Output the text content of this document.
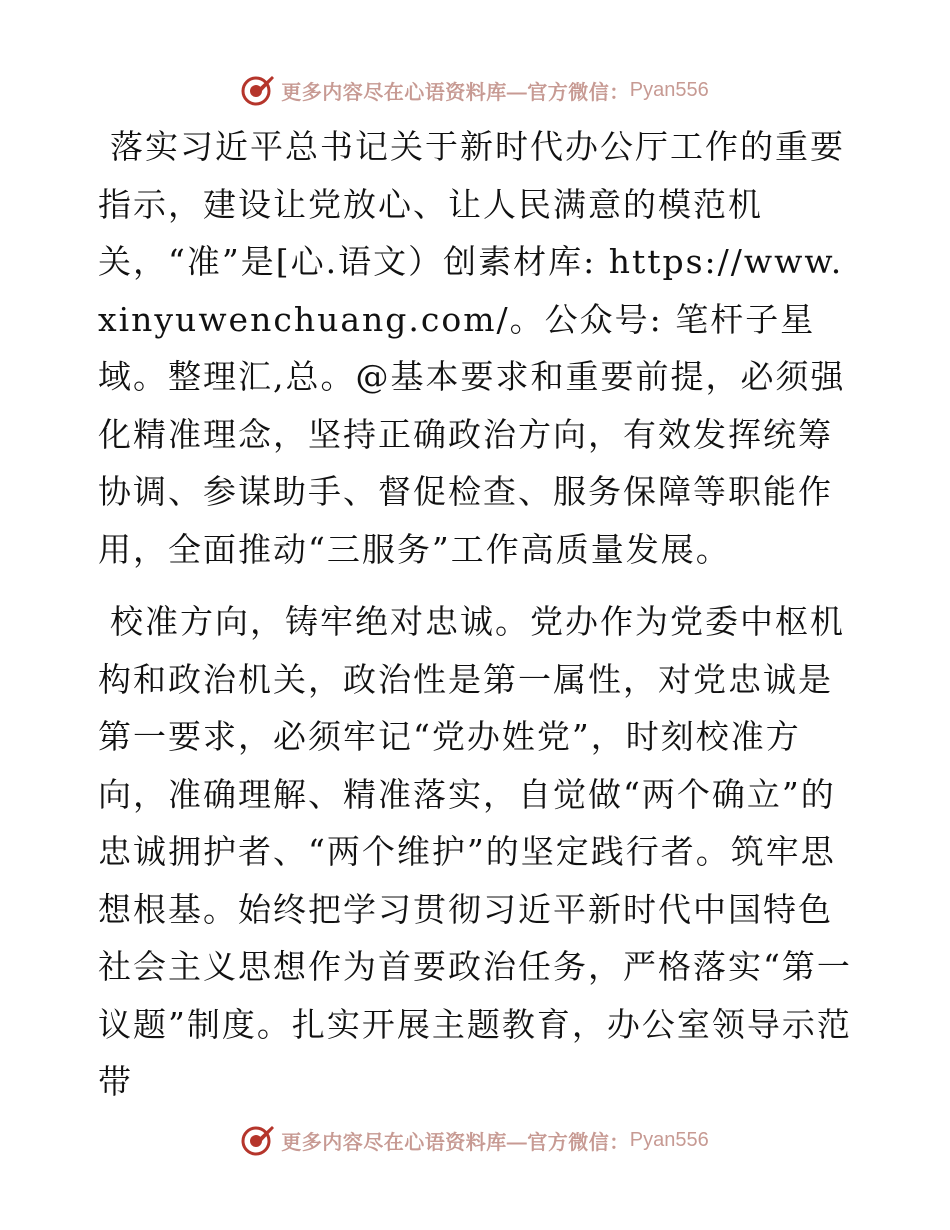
更多内容尽在心语资料库—官方微信： Pyan556

落实习近平总书记关于新时代办公厅工作的重要指示，建设让党放心、让人民满意的模范机关，“准”是[心.语文）创素材库: https://www.xinyuwenchuang.com/。公众号: 笔杆子星域。整理汇,总。@基本要求和重要前提，必须强化精准理念，坚持正确政治方向，有效发挥统筹协调、参谋助手、督促检查、服务保障等职能作用，全面推动“三服务”工作高质量发展。

校准方向，铸牢绝对忠诚。党办作为党委中枢机构和政治机关，政治性是第一属性，对党忠诚是第一要求，必须牢记“党办姓党”，时刻校准方向，准确理解、精准落实，自觉做“两个确立”的忠诚拥护者、“两个维护”的坚定践行者。筑牢思想根基。始终把学习贯彻习近平新时代中国特色社会主义思想作为首要政治任务，严格落实“第一议题”制度。扎实开展主题教育，办公室领导示范带

更多内容尽在心语资料库—官方微信： Pyan556
